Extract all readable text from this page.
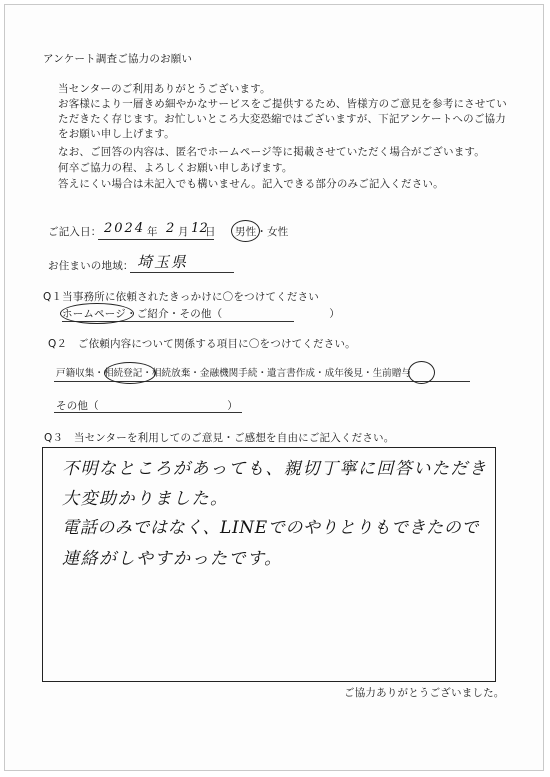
アンケート調査ご協力のお願い
当センターのご利用ありがとうございます。
お客様により一層きめ細やかなサービスをご提供するため、皆様方のご意見を参考にさせてい
ただきたく存じます。お忙しいところ大変恐縮ではございますが、下記アンケートへのご協力
をお願い申し上げます。
なお、ご回答の内容は、匿名でホームページ等に掲載させていただく場合がございます。
何卒ご協力の程、よろしくお願い申しあげます。
答えにくい場合は未記入でも構いません。記入できる部分のみご記入ください。
ご記入日： 2024 年 2 月 12
日 男性・女性
お住まいの地域： 埼玉県
Q１当事務所に依頼されたきっかけに〇をつけてください
ホームページ・ご紹介・その他（　　　　　　　　　　）
Q２　ご依頼内容について関係する項目に〇をつけてください。
戸籍収集・相続登記・相続放棄・金融機関手続・遺言書作成・成年後見・生前贈与
その他（　　　　　　　　　　　　）
Q３　当センターを利用してのご意見・ご感想を自由にご記入ください。
不明なところがあっても、親切丁寧に回答いただき
大変助かりました。
電話のみではなく、LINEでのやりとりもできたので
連絡がしやすかったです。
ご協力ありがとうございました。
